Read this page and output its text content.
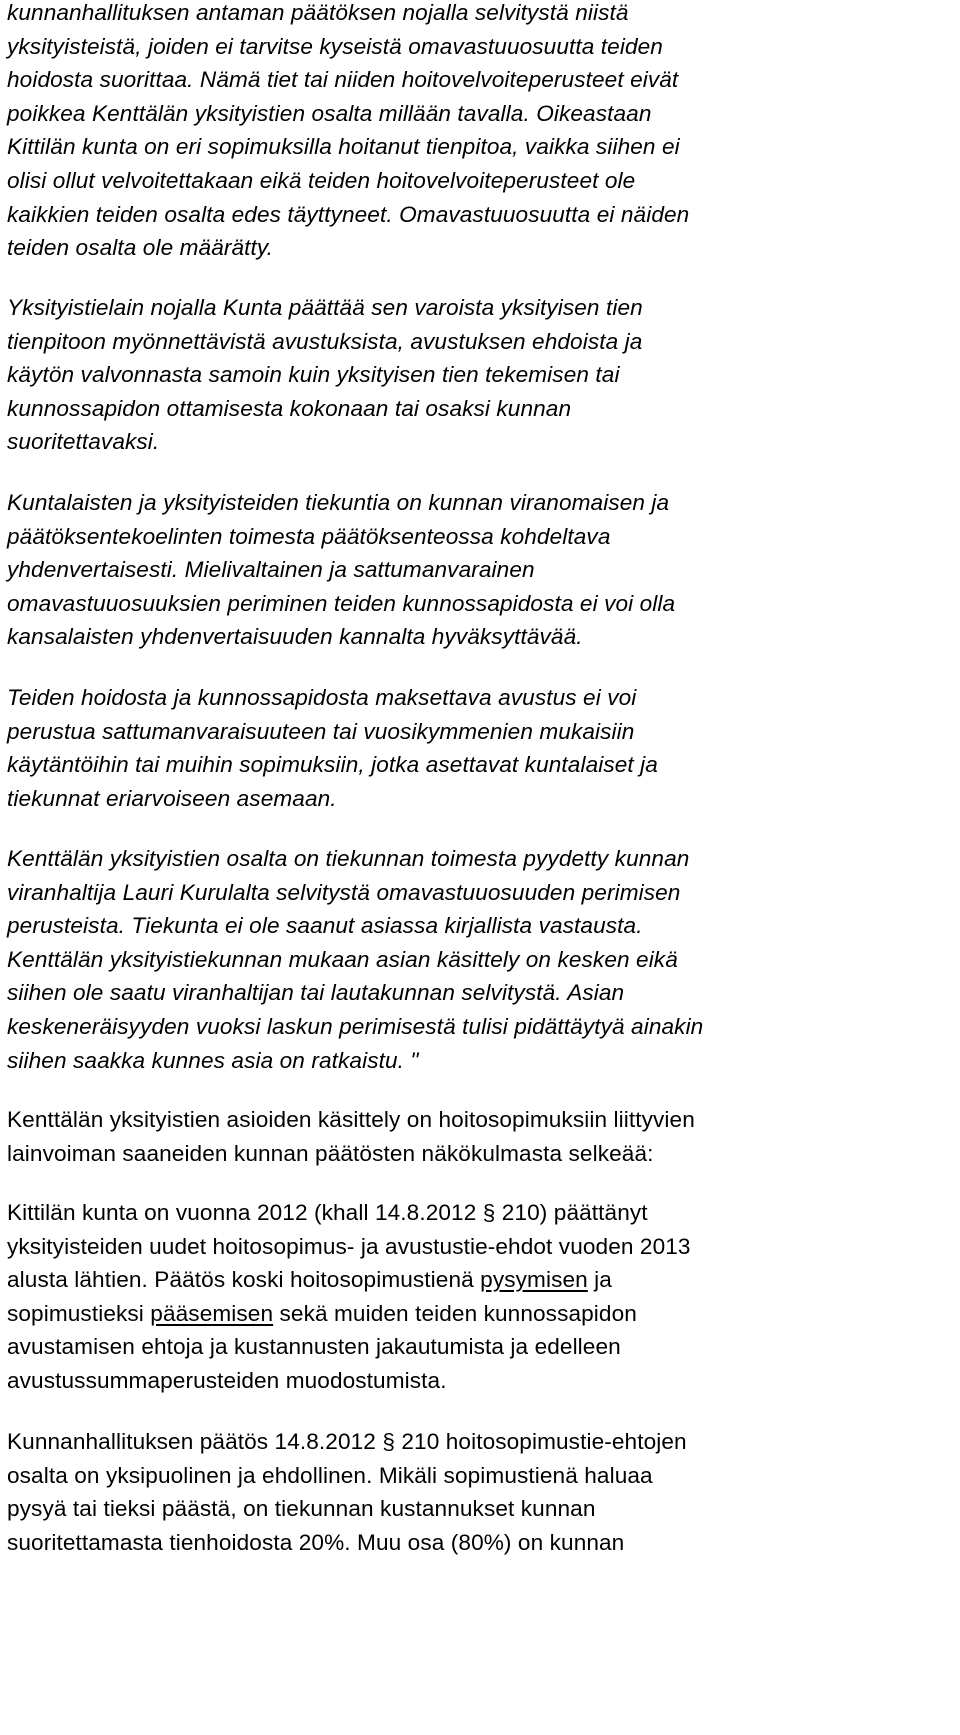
kunnanhallituksen antaman päätöksen nojalla selvitystä niistä
yksityisteistä, joiden ei tarvitse kyseistä omavastuuosuutta teiden
hoidosta suorittaa. Nämä tiet tai niiden hoitovelvoiteperusteet eivät
poikkea Kenttälän yksityistien osalta millään tavalla. Oikeastaan
Kittilän kunta on eri sopimuksilla hoitanut tienpitoa, vaikka siihen ei
olisi ollut velvoitettakaan eikä teiden hoitovelvoiteperusteet ole
kaikkien teiden osalta edes täyttyneet. Omavastuuosuutta ei näiden
teiden osalta ole määrätty.
Yksityistielain nojalla Kunta päättää sen varoista yksityisen tien
tienpitoon myönnettävistä avustuksista, avustuksen ehdoista ja
käytön valvonnasta samoin kuin yksityisen tien tekemisen tai
kunnossapidon ottamisesta kokonaan tai osaksi kunnan
suoritettavaksi.
Kuntalaisten ja yksityisteiden tiekuntia on kunnan viranomaisen ja
päätöksentekoelinten toimesta päätöksenteossa kohdeltava
yhdenvertaisesti. Mielivaltainen ja sattumanvarainen
omavastuuosuuksien periminen teiden kunnossapidosta ei voi olla
kansalaisten yhdenvertaisuuden kannalta hyväksyttävää.
Teiden hoidosta ja kunnossapidosta maksettava avustus ei voi
perustua sattumanvaraisuuteen tai vuosikymmenien mukaisiin
käytäntöihin tai muihin sopimuksiin, jotka asettavat kuntalaiset ja
tiekunnat eriarvoiseen asemaan.
Kenttälän yksityistien osalta on tiekunnan toimesta pyydetty kunnan
viranhaltija Lauri Kurulalta selvitystä omavastuuosuuden perimisen
perusteista. Tiekunta ei ole saanut asiassa kirjallista vastausta.
Kenttälän yksityistiekunnan mukaan asian käsittely on kesken eikä
siihen ole saatu viranhaltijan tai lautakunnan selvitystä. Asian
keskeneräisyyden vuoksi laskun perimisestä tulisi pidättäytyä ainakin
siihen saakka kunnes asia on ratkaistu. "
Kenttälän yksityistien asioiden käsittely on hoitosopimuksiin liittyvien
lainvoiman saaneiden kunnan päätösten näkökulmasta selkeää:
Kittilän kunta on vuonna 2012 (khall 14.8.2012 § 210) päättänyt
yksityisteiden uudet hoitosopimus- ja avustustie-ehdot vuoden 2013
alusta lähtien. Päätös koski hoitosopimustienä pysymisen ja
sopimustieksi pääsemisen sekä muiden teiden kunnossapidon
avustamisen ehtoja ja kustannusten jakautumista ja edelleen
avustussummaperusteiden muodostumista.
Kunnanhallituksen päätös 14.8.2012 § 210 hoitosopimustie-ehtojen
osalta on yksipuolinen ja ehdollinen. Mikäli sopimustienä haluaa
pysyä tai tieksi päästä, on tiekunnan kustannukset kunnan
suoritettamasta tienhoidosta 20%. Muu osa (80%) on kunnan
